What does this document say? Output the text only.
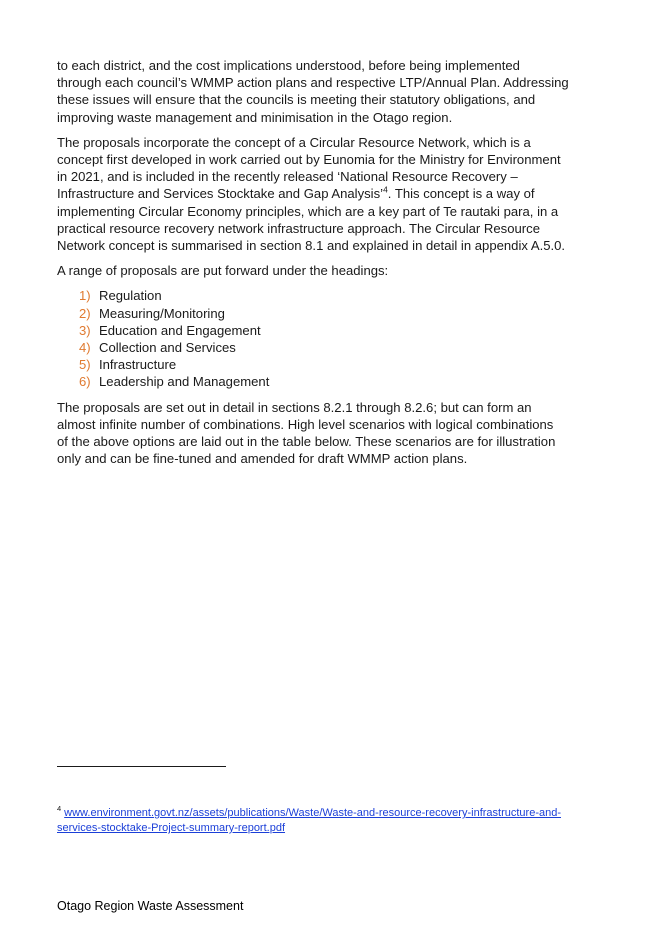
to each district, and the cost implications understood, before being implemented
through each council’s WMMP action plans and respective LTP/Annual Plan. Addressing
these issues will ensure that the councils is meeting their statutory obligations, and
improving waste management and minimisation in the Otago region.

The proposals incorporate the concept of a Circular Resource Network, which is a
concept first developed in work carried out by Eunomia for the Ministry for Environment
in 2021, and is included in the recently released ‘National Resource Recovery –
Infrastructure and Services Stocktake and Gap Analysis’$^4$. This concept is a way of
implementing Circular Economy principles, which are a key part of Te rautaki para, in a
practical resource recovery network infrastructure approach. The Circular Resource
Network concept is summarised in section 8.1 and explained in detail in appendix A.5.0.

A range of proposals are put forward under the headings:

1) Regulation
2) Measuring/Monitoring
3) Education and Engagement
4) Collection and Services
5) Infrastructure
6) Leadership and Management

The proposals are set out in detail in sections 8.2.1 through 8.2.6; but can form an
almost infinite number of combinations. High level scenarios with logical combinations
of the above options are laid out in the table below. These scenarios are for illustration
only and can be fine-tuned and amended for draft WMMP action plans.

$^4$ www.environment.govt.nz/assets/publications/Waste/Waste-and-resource-recovery-infrastructure-and-
services-stocktake-Project-summary-report.pdf
Otago Region Waste Assessment
